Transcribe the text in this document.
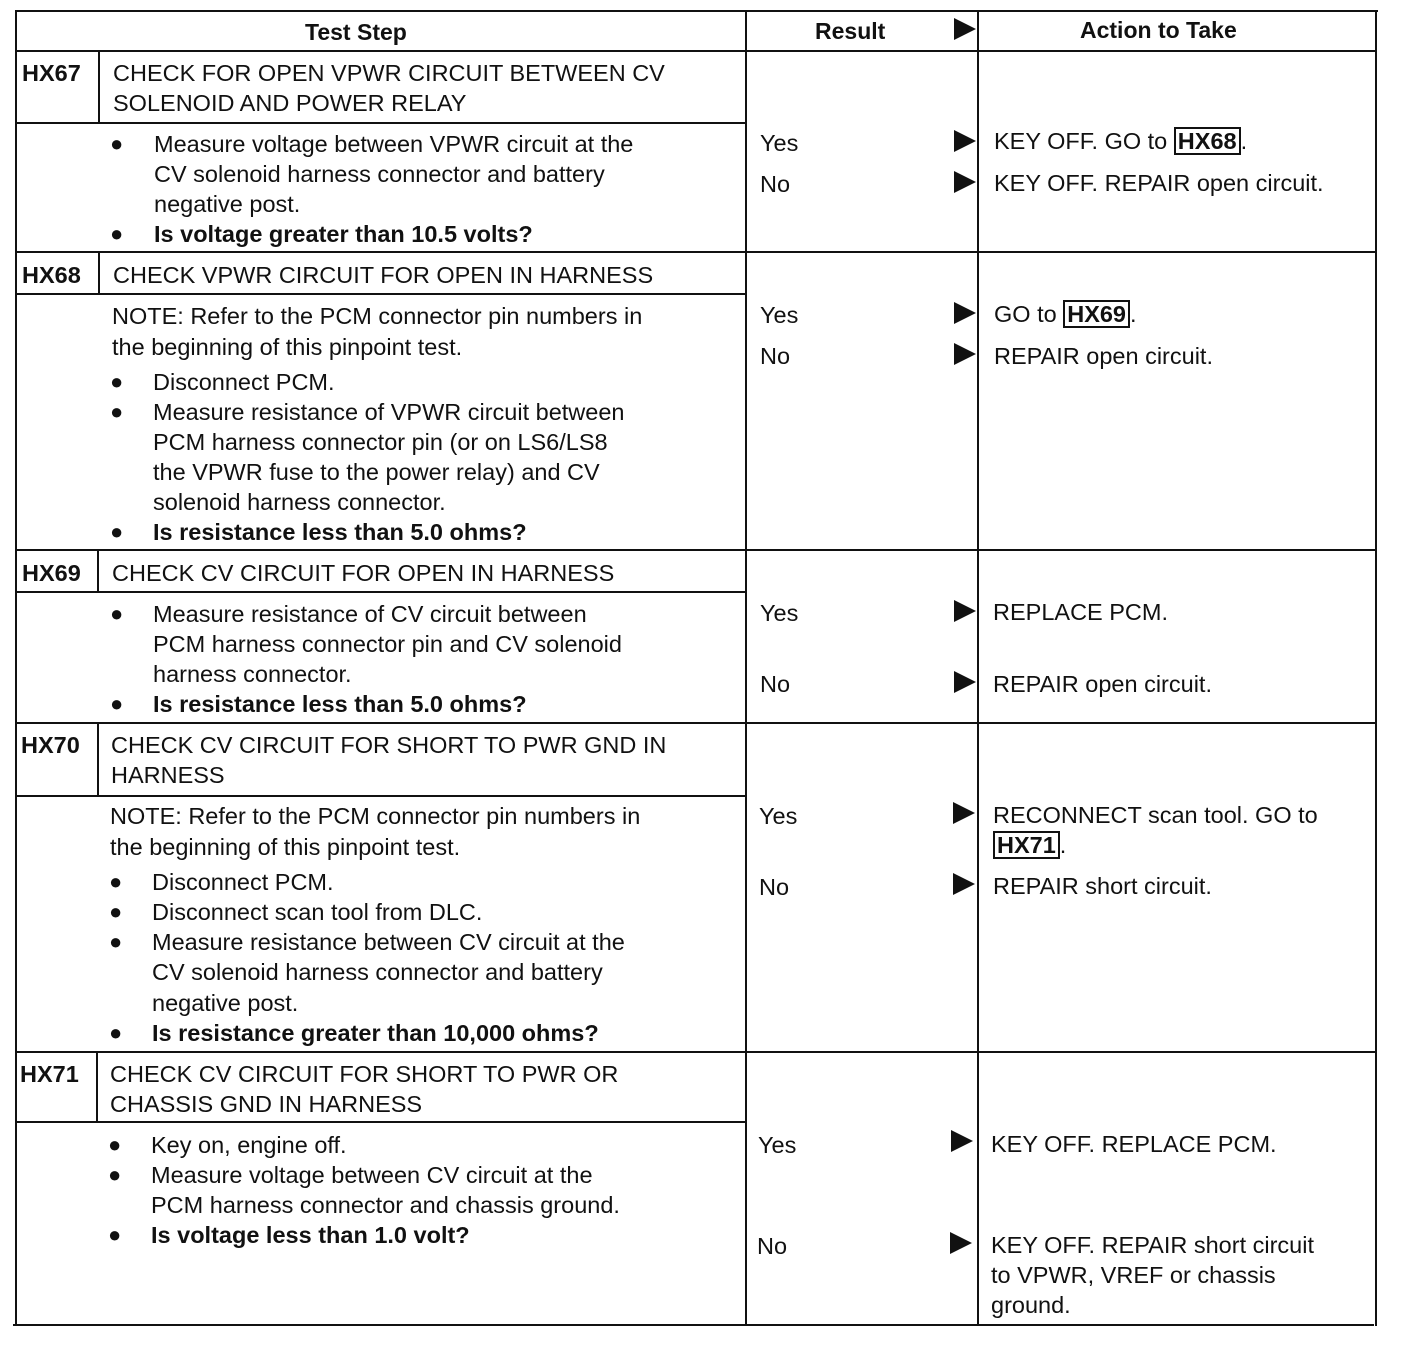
Test Step	Result	Action to Take
HX67 CHECK FOR OPEN VPWR CIRCUIT BETWEEN CV
SOLENOID AND POWER RELAY
● Measure voltage between VPWR circuit at the
CV solenoid harness connector and battery
negative post.
● Is voltage greater than 10.5 volts?
Yes	KEY OFF. GO to HX68 .
No	KEY OFF. REPAIR open circuit.
HX68 CHECK VPWR CIRCUIT FOR OPEN IN HARNESS
NOTE: Refer to the PCM connector pin numbers in
the beginning of this pinpoint test.
● Disconnect PCM.
● Measure resistance of VPWR circuit between
PCM harness connector pin (or on LS6/LS8
the VPWR fuse to the power relay) and CV
solenoid harness connector.
● Is resistance less than 5.0 ohms?
Yes	GO to HX69 .
No	REPAIR open circuit.
HX69 CHECK CV CIRCUIT FOR OPEN IN HARNESS
● Measure resistance of CV circuit between
PCM harness connector pin and CV solenoid
harness connector.
● Is resistance less than 5.0 ohms?
Yes	REPLACE PCM.
No	REPAIR open circuit.
HX70 CHECK CV CIRCUIT FOR SHORT TO PWR GND IN
HARNESS
NOTE: Refer to the PCM connector pin numbers in
the beginning of this pinpoint test.
● Disconnect PCM.
● Disconnect scan tool from DLC.
● Measure resistance between CV circuit at the
CV solenoid harness connector and battery
negative post.
● Is resistance greater than 10,000 ohms?
Yes	RECONNECT scan tool. GO to
HX71 .
No	REPAIR short circuit.
HX71 CHECK CV CIRCUIT FOR SHORT TO PWR OR
CHASSIS GND IN HARNESS
● Key on, engine off.
● Measure voltage between CV circuit at the
PCM harness connector and chassis ground.
● Is voltage less than 1.0 volt?
Yes	KEY OFF. REPLACE PCM.
No	KEY OFF. REPAIR short circuit
to VPWR, VREF or chassis
ground.
